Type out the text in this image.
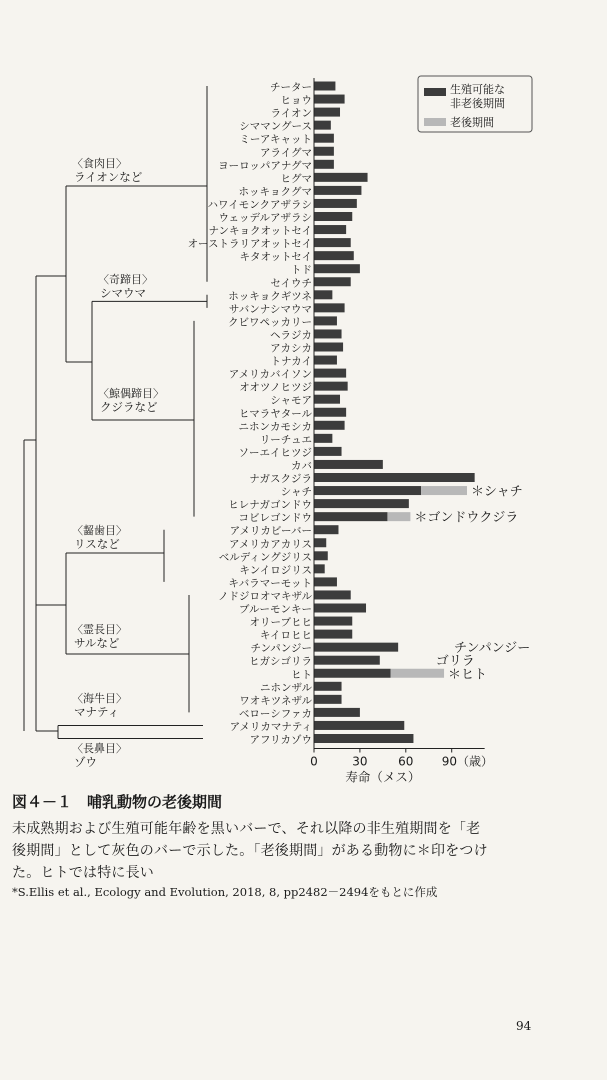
チーター
ヒョウ
ライオン
シママングース
ミーアキャット
アライグマ
ヨーロッパアナグマ
ヒグマ
ホッキョクグマ
ハワイモンクアザラシ
ウェッデルアザラシ
ナンキョクオットセイ
オーストラリアオットセイ
キタオットセイ
トド
セイウチ
ホッキョクギツネ
サバンナシマウマ
クビワペッカリー
ヘラジカ
アカシカ
トナカイ
アメリカバイソン
オオツノヒツジ
シャモア
ヒマラヤタール
ニホンカモシカ
リーチュエ
ソーエイヒツジ
カバ
ナガスクジラ
シャチ
ヒレナガゴンドウ
コビレゴンドウ
アメリカビーバー
アメリカアカリス
ベルディングジリス
キンイロジリス
キバラマーモット
ノドジロオマキザル
ブルーモンキー
オリーブヒヒ
キイロヒヒ
チンパンジー
ヒガシゴリラ
ヒト
ニホンザル
ワオキツネザル
ベローシファカ
アメリカマナティ
アフリカゾウ
＊シャチ
＊ゴンドウクジラ
チンパンジー
ゴリラ
＊ヒト
0	30	60 90（歳）
寿命（メス）
生殖可能な
非老後期間
老後期間
〈食肉目〉
ライオンなど
〈奇蹄目〉
シマウマ
〈鯨偶蹄目〉
クジラなど
〈齧歯目〉
リスなど
〈霊長目〉
サルなど
〈海牛目〉
マナティ
〈長鼻目〉
ゾウ
図４－１　哺乳動物の老後期間

未成熟期および生殖可能年齢を黒いバーで、それ以降の非生殖期間を「老

後期間」として灰色のバーで示した。「老後期間」がある動物に＊印をつけ

た。ヒトでは特に長い

*S.Ellis et al., Ecology and Evolution, 2018, 8, pp2482－2494をもとに作成
94
